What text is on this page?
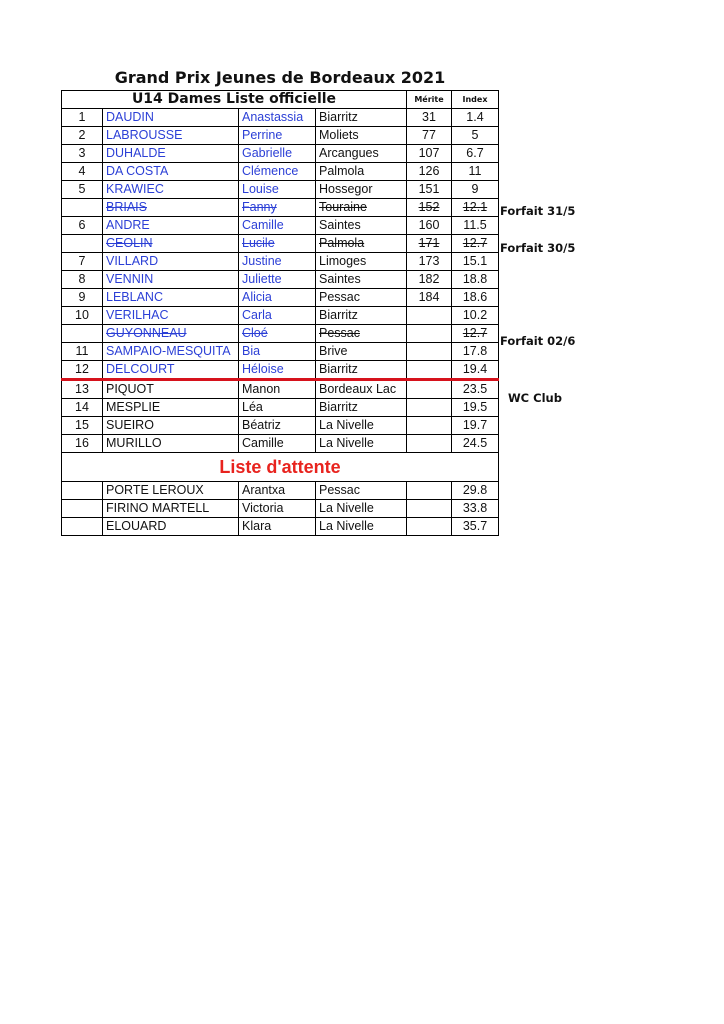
Grand Prix Jeunes de Bordeaux 2021
U14 Dames Liste officielle				Mérite	Index
1	DAUDIN	Anastassia	Biarritz	31	1.4
2	LABROUSSE	Perrine	Moliets	77	5
3	DUHALDE	Gabrielle	Arcangues	107	6.7
4	DA COSTA	Clémence	Palmola	126	11
5	KRAWIEC	Louise	Hossegor	151	9
	BRIAIS	Fanny	Touraine	152	12.1
6	ANDRE	Camille	Saintes	160	11.5
	CEOLIN	Lucile	Palmola	171	12.7
7	VILLARD	Justine	Limoges	173	15.1
8	VENNIN	Juliette	Saintes	182	18.8
9	LEBLANC	Alicia	Pessac	184	18.6
10	VERILHAC	Carla	Biarritz		10.2
	GUYONNEAU	Cloé	Pessac		12.7
11	SAMPAIO-MESQUITA	Bia	Brive		17.8
12	DELCOURT	Héloise	Biarritz		19.4
13	PIQUOT	Manon	Bordeaux Lac		23.5
14	MESPLIE	Léa	Biarritz		19.5
15	SUEIRO	Béatriz	La Nivelle		19.7
16	MURILLO	Camille	La Nivelle		24.5
Liste d'attente					
	PORTE LEROUX	Arantxa	Pessac		29.8
	FIRINO MARTELL	Victoria	La Nivelle		33.8
	ELOUARD	Klara	La Nivelle		35.7
Forfait 31/5
Forfait 30/5
Forfait 02/6
WC Club
